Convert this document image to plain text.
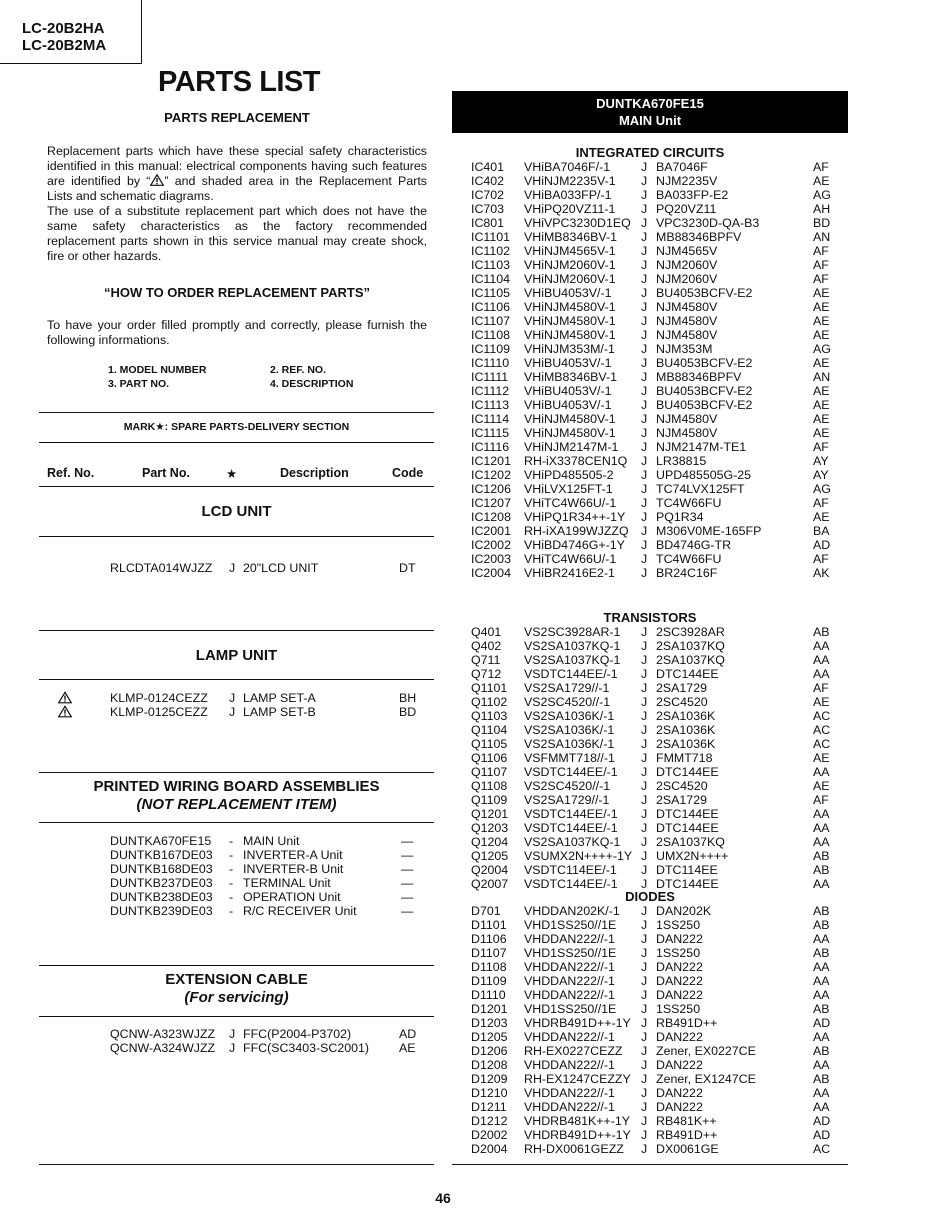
LC-20B2HA
LC-20B2MA
PARTS LIST
PARTS REPLACEMENT

Replacement parts which have these special safety characteristics identified in this manual: electrical components having such features are identified by “ ” and shaded area in the Replacement Parts Lists and schematic diagrams.

The use of a substitute replacement part which does not have the same safety characteristics as the factory recommended replacement parts shown in this service manual may create shock, fire or other hazards.

“HOW TO ORDER REPLACEMENT PARTS”
To have your order filled promptly and correctly, please furnish the following informations.
1. MODEL NUMBER	2. REF. NO.
3. PART NO.	4. DESCRIPTION
MARK★: SPARE PARTS-DELIVERY SECTION
Ref. No.	Part No.	★	Description	Code
LCD UNIT
RLCDTA014WJZZ J 20"LCD UNIT	DT
LAMP UNIT
KLMP-0124CEZZ J LAMP SET-A	BH
KLMP-0125CEZZ J LAMP SET-B	BD
PRINTED WIRING BOARD ASSEMBLIES
(NOT REPLACEMENT ITEM)
DUNTKA670FE15 - MAIN Unit	—
DUNTKB167DE03 - INVERTER-A Unit	—
DUNTKB168DE03 - INVERTER-B Unit	—
DUNTKB237DE03 - TERMINAL Unit	—
DUNTKB238DE03 - OPERATION Unit	—
DUNTKB239DE03 - R/C RECEIVER Unit	—
EXTENSION CABLE
(For servicing)
QCNW-A323WJZZ J FFC(P2004-P3702)	AD
QCNW-A324WJZZ J FFC(SC3403-SC2001) AE
DUNTKA670FE15
MAIN Unit
INTEGRATED CIRCUITS
IC401 VHiBA7046F/-1 J BA7046F	AF
IC402 VHiNJM2235V-1 J NJM2235V	AE
IC702 VHiBA033FP/-1 J BA033FP-E2	AG
IC703 VHiPQ20VZ11-1 J PQ20VZ11	AH
IC801 VHiVPC3230D1EQ J VPC3230D-QA-B3	BD
IC1101 VHiMB8346BV-1 J MB88346BPFV	AN
IC1102 VHiNJM4565V-1 J NJM4565V	AF
IC1103 VHiNJM2060V-1 J NJM2060V	AF
IC1104 VHiNJM2060V-1 J NJM2060V	AF
IC1105 VHiBU4053V/-1 J BU4053BCFV-E2	AE
IC1106 VHiNJM4580V-1 J NJM4580V	AE
IC1107 VHiNJM4580V-1 J NJM4580V	AE
IC1108 VHiNJM4580V-1 J NJM4580V	AE
IC1109 VHiNJM353M/-1 J NJM353M	AG
IC1110 VHiBU4053V/-1 J BU4053BCFV-E2	AE
IC1111 VHiMB8346BV-1 J MB88346BPFV	AN
IC1112 VHiBU4053V/-1 J BU4053BCFV-E2	AE
IC1113 VHiBU4053V/-1 J BU4053BCFV-E2	AE
IC1114 VHiNJM4580V-1 J NJM4580V	AE
IC1115 VHiNJM4580V-1 J NJM4580V	AE
IC1116 VHiNJM2147M-1 J NJM2147M-TE1	AF
IC1201 RH-iX3378CEN1Q J LR38815	AY
IC1202 VHiPD485505-2 J UPD485505G-25	AY
IC1206 VHiLVX125FT-1 J TC74LVX125FT	AG
IC1207 VHiTC4W66U/-1 J TC4W66FU	AF
IC1208 VHiPQ1R34++-1Y J PQ1R34	AE
IC2001 RH-iXA199WJZZQ J M306V0ME-165FP	BA
IC2002 VHiBD4746G+-1Y J BD4746G-TR	AD
IC2003 VHiTC4W66U/-1 J TC4W66FU	AF
IC2004 VHiBR2416E2-1 J BR24C16F	AK
TRANSISTORS
Q401 VS2SC3928AR-1 J 2SC3928AR	AB
Q402 VS2SA1037KQ-1 J 2SA1037KQ	AA
Q711 VS2SA1037KQ-1 J 2SA1037KQ	AA
Q712 VSDTC144EE/-1 J DTC144EE	AA
Q1101 VS2SA1729//-1	J 2SA1729	AF
Q1102 VS2SC4520//-1 J 2SC4520	AE
Q1103 VS2SA1036K/-1 J 2SA1036K	AC
Q1104 VS2SA1036K/-1 J 2SA1036K	AC
Q1105 VS2SA1036K/-1 J 2SA1036K	AC
Q1106 VSFMMT718//-1 J FMMT718	AE
Q1107 VSDTC144EE/-1 J DTC144EE	AA
Q1108 VS2SC4520//-1 J 2SC4520	AE
Q1109 VS2SA1729//-1	J 2SA1729	AF
Q1201 VSDTC144EE/-1 J DTC144EE	AA
Q1203 VSDTC144EE/-1 J DTC144EE	AA
Q1204 VS2SA1037KQ-1 J 2SA1037KQ	AA
Q1205 VSUMX2N++++-1Y J UMX2N++++	AB
Q2004 VSDTC114EE/-1 J DTC114EE	AB
Q2007 VSDTC144EE/-1 J DTC144EE	AA
DIODES
D701 VHDDAN202K/-1 J DAN202K	AB
D1101 VHD1SS250//1E J 1SS250	AB
D1106 VHDDAN222//-1 J DAN222	AA
D1107 VHD1SS250//1E J 1SS250	AB
D1108 VHDDAN222//-1 J DAN222	AA
D1109 VHDDAN222//-1 J DAN222	AA
D1110 VHDDAN222//-1 J DAN222	AA
D1201 VHD1SS250//1E J 1SS250	AB
D1203 VHDRB491D++-1Y J RB491D++	AD
D1205 VHDDAN222//-1 J DAN222	AA
D1206 RH-EX0227CEZZ J Zener, EX0227CE	AB
D1208 VHDDAN222//-1 J DAN222	AA
D1209 RH-EX1247CEZZY J Zener, EX1247CE	AB
D1210 VHDDAN222//-1 J DAN222	AA
D1211 VHDDAN222//-1 J DAN222	AA
D1212 VHDRB481K++-1Y J RB481K++	AD
D2002 VHDRB491D++-1Y J RB491D++	AD
D2004 RH-DX0061GEZZ J DX0061GE	AC
46
